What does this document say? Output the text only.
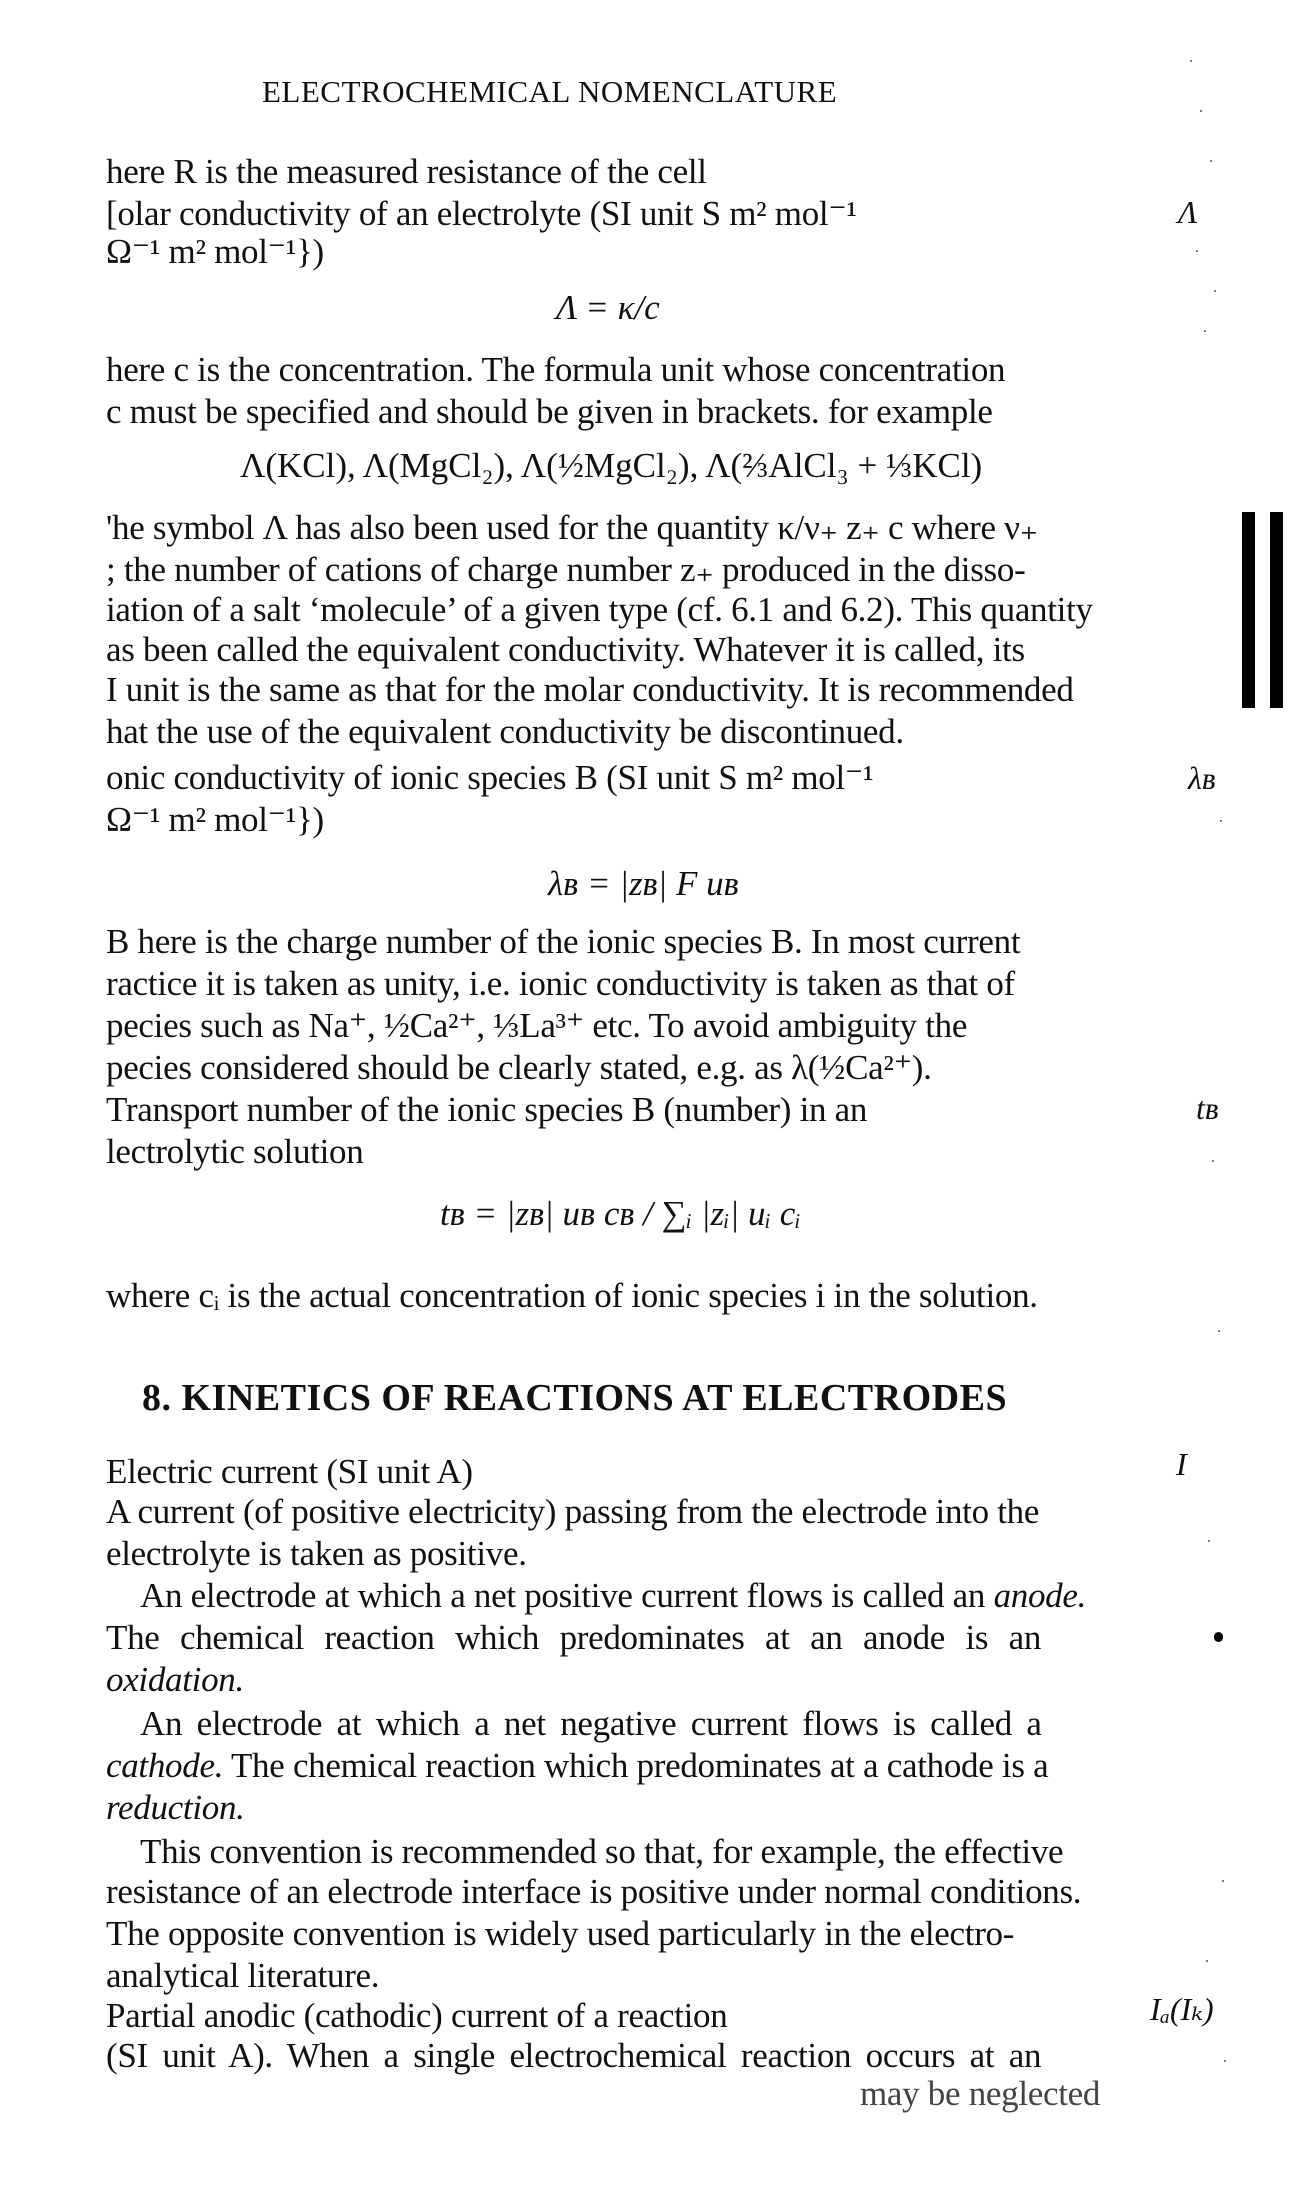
ELECTROCHEMICAL NOMENCLATURE
here R is the measured resistance of the cell
[olar conductivity of an electrolyte (SI unit S m² mol⁻¹	Λ
Ω⁻¹ m² mol⁻¹})
Λ = κ/c
here c is the concentration. The formula unit whose concentration
c must be specified and should be given in brackets. for example
Λ(KCl), Λ(MgCl₂), Λ(½MgCl₂), Λ(⅔AlCl₃ + ⅓KCl)
'he symbol Λ has also been used for the quantity κ/ν₊ z₊ c where ν₊
; the number of cations of charge number z₊ produced in the disso-
iation of a salt ‘molecule’ of a given type (cf. 6.1 and 6.2). This quantity
as been called the equivalent conductivity. Whatever it is called, its
I unit is the same as that for the molar conductivity. It is recommended
hat the use of the equivalent conductivity be discontinued.
onic conductivity of ionic species B (SI unit S m² mol⁻¹	λʙ
Ω⁻¹ m² mol⁻¹})
λʙ = |zʙ| F uʙ
B here is the charge number of the ionic species B. In most current
ractice it is taken as unity, i.e. ionic conductivity is taken as that of
pecies such as Na⁺, ½Ca²⁺, ⅓La³⁺ etc. To avoid ambiguity the
pecies considered should be clearly stated, e.g. as λ(½Ca²⁺).
Transport number of the ionic species B (number) in an	tʙ
lectrolytic solution
tʙ = |zʙ| uʙ cʙ / ∑ᵢ |zᵢ| uᵢ cᵢ
where cᵢ is the actual concentration of ionic species i in the solution.
8. KINETICS OF REACTIONS AT ELECTRODES
Electric current (SI unit A)	I
A current (of positive electricity) passing from the electrode into the
electrolyte is taken as positive.
An electrode at which a net positive current flows is called an anode.
The chemical reaction which predominates at an anode is an
oxidation.
An electrode at which a net negative current flows is called a
cathode. The chemical reaction which predominates at a cathode is a
reduction.
This convention is recommended so that, for example, the effective
resistance of an electrode interface is positive under normal conditions.
The opposite convention is widely used particularly in the electro-
analytical literature.
Partial anodic (cathodic) current of a reaction	Iₐ(Iₖ)
(SI unit A). When a single electrochemical reaction occurs at an
may be neglected
